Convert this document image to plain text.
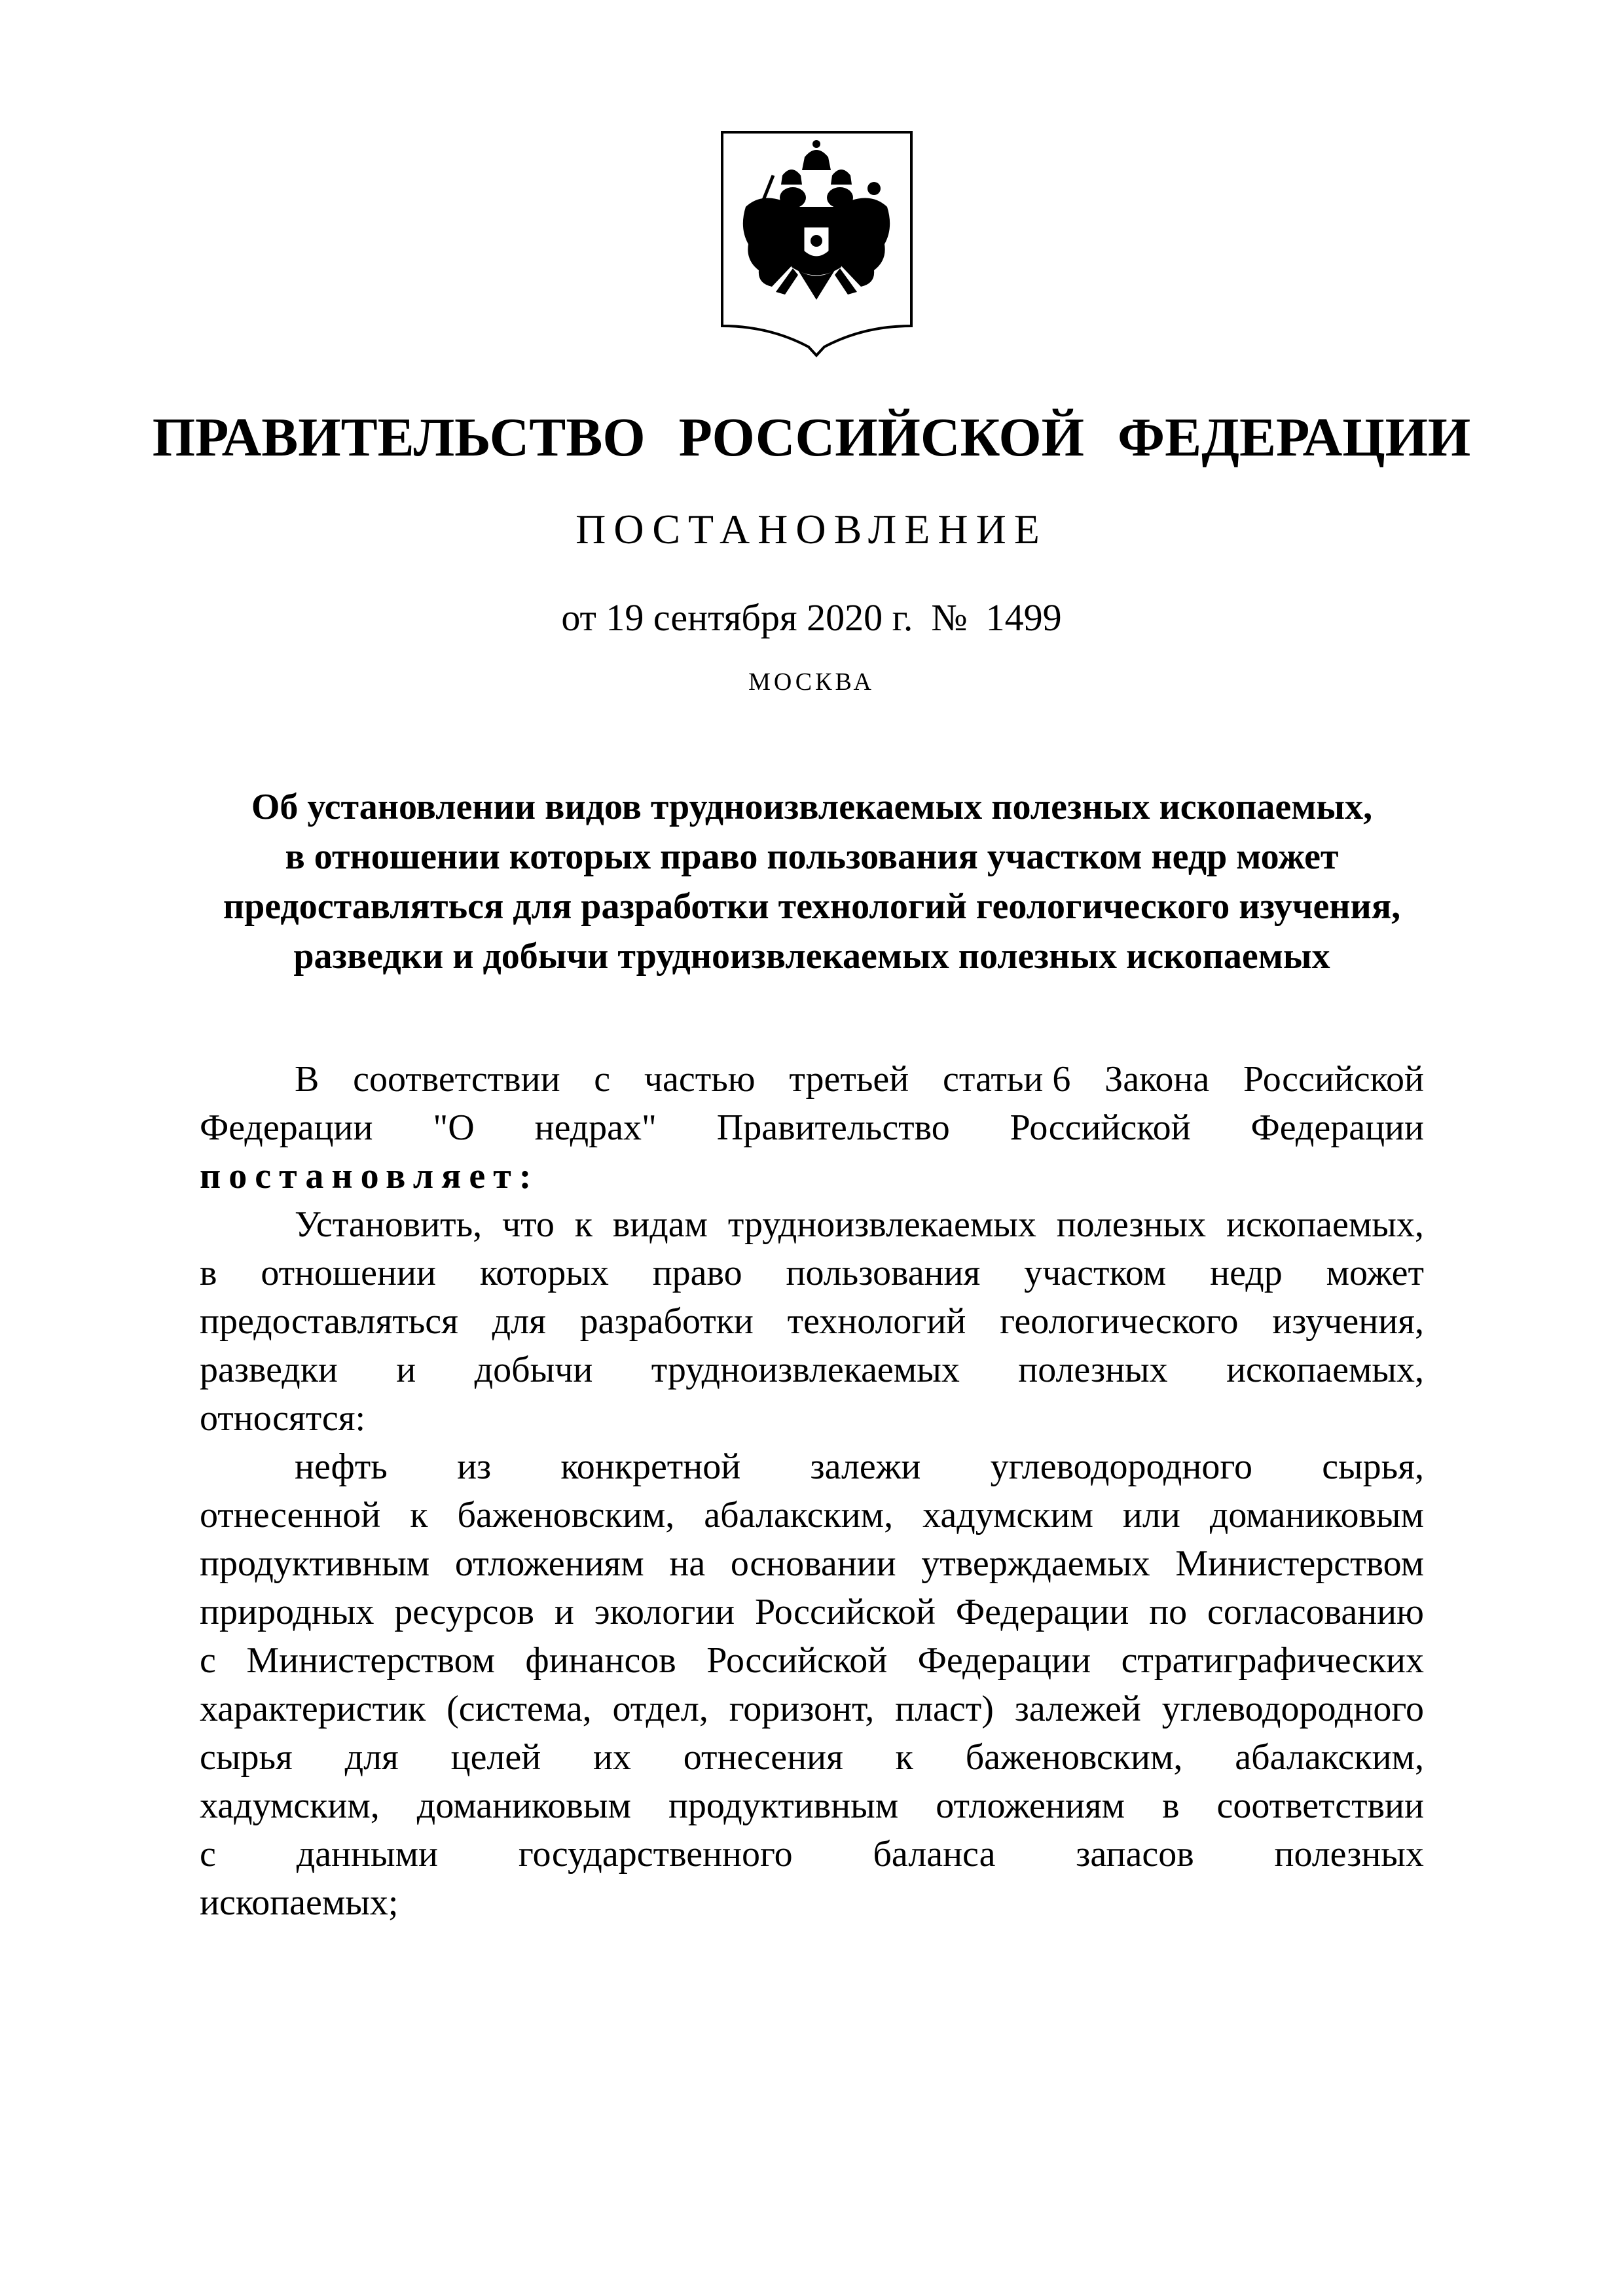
ПРАВИТЕЛЬСТВО РОССИЙСКОЙ ФЕДЕРАЦИИ
ПОСТАНОВЛЕНИЕ
от 19 сентября 2020 г. № 1499
МОСКВА
Об установлении видов трудноизвлекаемых полезных ископаемых,
в отношении которых право пользования участком недр может
предоставляться для разработки технологий геологического изучения,
разведки и добычи трудноизвлекаемых полезных ископаемых
В соответствии с частью третьей статьи 6 Закона Российской
Федерации "О недрах" Правительство Российской Федерации
постановляет:
Установить, что к видам трудноизвлекаемых полезных ископаемых,
в отношении которых право пользования участком недр может
предоставляться для разработки технологий геологического изучения,
разведки и добычи трудноизвлекаемых полезных ископаемых,
относятся:
нефть из конкретной залежи углеводородного сырья,
отнесенной к баженовским, абалакским, хадумским или доманиковым
продуктивным отложениям на основании утверждаемых Министерством
природных ресурсов и экологии Российской Федерации по согласованию
с Министерством финансов Российской Федерации стратиграфических
характеристик (система, отдел, горизонт, пласт) залежей углеводородного
сырья для целей их отнесения к баженовским, абалакским,
хадумским, доманиковым продуктивным отложениям в соответствии
с данными государственного баланса запасов полезных
ископаемых;
